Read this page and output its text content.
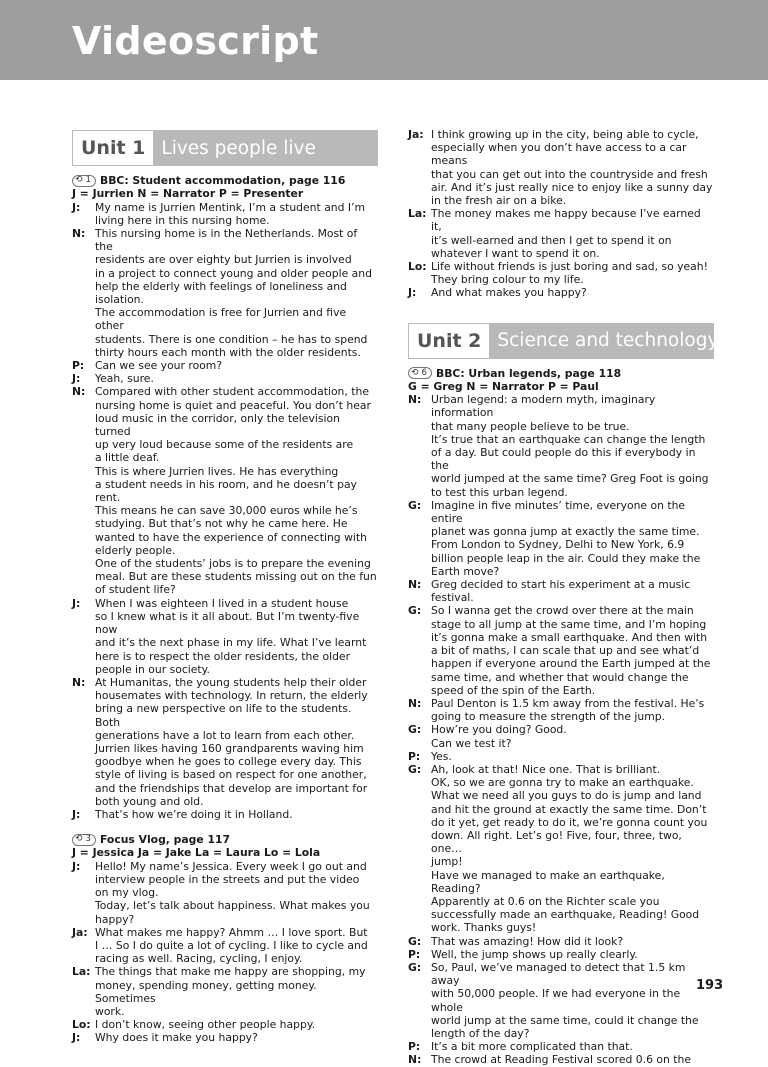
Videoscript
Unit 1 Lives people live
⟲ 1 BBC: Student accommodation, page 116
J = Jurrien N = Narrator P = Presenter
J:	My name is Jurrien Mentink, I’m a student and I’m
living here in this nursing home.
N: This nursing home is in the Netherlands. Most of the
residents are over eighty but Jurrien is involved
in a project to connect young and older people and
help the elderly with feelings of loneliness and
isolation.
The accommodation is free for Jurrien and five other
students. There is one condition – he has to spend
thirty hours each month with the older residents.
P: Can we see your room?
J:	Yeah, sure.
N: Compared with other student accommodation, the
nursing home is quiet and peaceful. You don’t hear
loud music in the corridor, only the television turned
up very loud because some of the residents are
a little deaf.
This is where Jurrien lives. He has everything
a student needs in his room, and he doesn’t pay rent.
This means he can save 30,000 euros while he’s
studying. But that’s not why he came here. He
wanted to have the experience of connecting with
elderly people.
One of the students’ jobs is to prepare the evening
meal. But are these students missing out on the fun
of student life?
J:	When I was eighteen I lived in a student house
so I knew what is it all about. But I’m twenty-five now
and it’s the next phase in my life. What I’ve learnt
here is to respect the older residents, the older
people in our society.
N: At Humanitas, the young students help their older
housemates with technology. In return, the elderly
bring a new perspective on life to the students. Both
generations have a lot to learn from each other.
Jurrien likes having 160 grandparents waving him
goodbye when he goes to college every day. This
style of living is based on respect for one another,
and the friendships that develop are important for
both young and old.
J:	That’s how we’re doing it in Holland.
⟲ 3 Focus Vlog, page 117
J = Jessica Ja = Jake La = Laura Lo = Lola
J:	Hello! My name’s Jessica. Every week I go out and
interview people in the streets and put the video
on my vlog.
Today, let’s talk about happiness. What makes you
happy?
Ja: What makes me happy? Ahmm … I love sport. But
I … So I do quite a lot of cycling. I like to cycle and
racing as well. Racing, cycling, I enjoy.
La: The things that make me happy are shopping, my
money, spending money, getting money. Sometimes
work.
Lo: I don’t know, seeing other people happy.
J:	Why does it make you happy?
Ja: I think growing up in the city, being able to cycle,
especially when you don’t have access to a car means
that you can get out into the countryside and fresh
air. And it’s just really nice to enjoy like a sunny day
in the fresh air on a bike.
La: The money makes me happy because I’ve earned it,
it’s well-earned and then I get to spend it on
whatever I want to spend it on.
Lo: Life without friends is just boring and sad, so yeah!
They bring colour to my life.
J:	And what makes you happy?
Unit 2 Science and technology
⟲ 6 BBC: Urban legends, page 118
G = Greg N = Narrator P = Paul
N: Urban legend: a modern myth, imaginary information
that many people believe to be true.
It’s true that an earthquake can change the length
of a day. But could people do this if everybody in the
world jumped at the same time? Greg Foot is going
to test this urban legend.
G: Imagine in five minutes’ time, everyone on the entire
planet was gonna jump at exactly the same time.
From London to Sydney, Delhi to New York, 6.9
billion people leap in the air. Could they make the
Earth move?
N: Greg decided to start his experiment at a music
festival.
G: So I wanna get the crowd over there at the main
stage to all jump at the same time, and I’m hoping
it’s gonna make a small earthquake. And then with
a bit of maths, I can scale that up and see what’d
happen if everyone around the Earth jumped at the
same time, and whether that would change the
speed of the spin of the Earth.
N: Paul Denton is 1.5 km away from the festival. He’s
going to measure the strength of the jump.
G: How’re you doing? Good.
Can we test it?
P: Yes.
G: Ah, look at that! Nice one. That is brilliant.
OK, so we are gonna try to make an earthquake.
What we need all you guys to do is jump and land
and hit the ground at exactly the same time. Don’t
do it yet, get ready to do it, we’re gonna count you
down. All right. Let’s go! Five, four, three, two, one…
jump!
Have we managed to make an earthquake, Reading?
Apparently at 0.6 on the Richter scale you
successfully made an earthquake, Reading! Good
work. Thanks guys!
G: That was amazing! How did it look?
P: Well, the jump shows up really clearly.
G: So, Paul, we’ve managed to detect that 1.5 km away
with 50,000 people. If we had everyone in the whole
world jump at the same time, could it change the
length of the day?
P: It’s a bit more complicated than that.
N: The crowd at Reading Festival scored 0.6 on the
193
